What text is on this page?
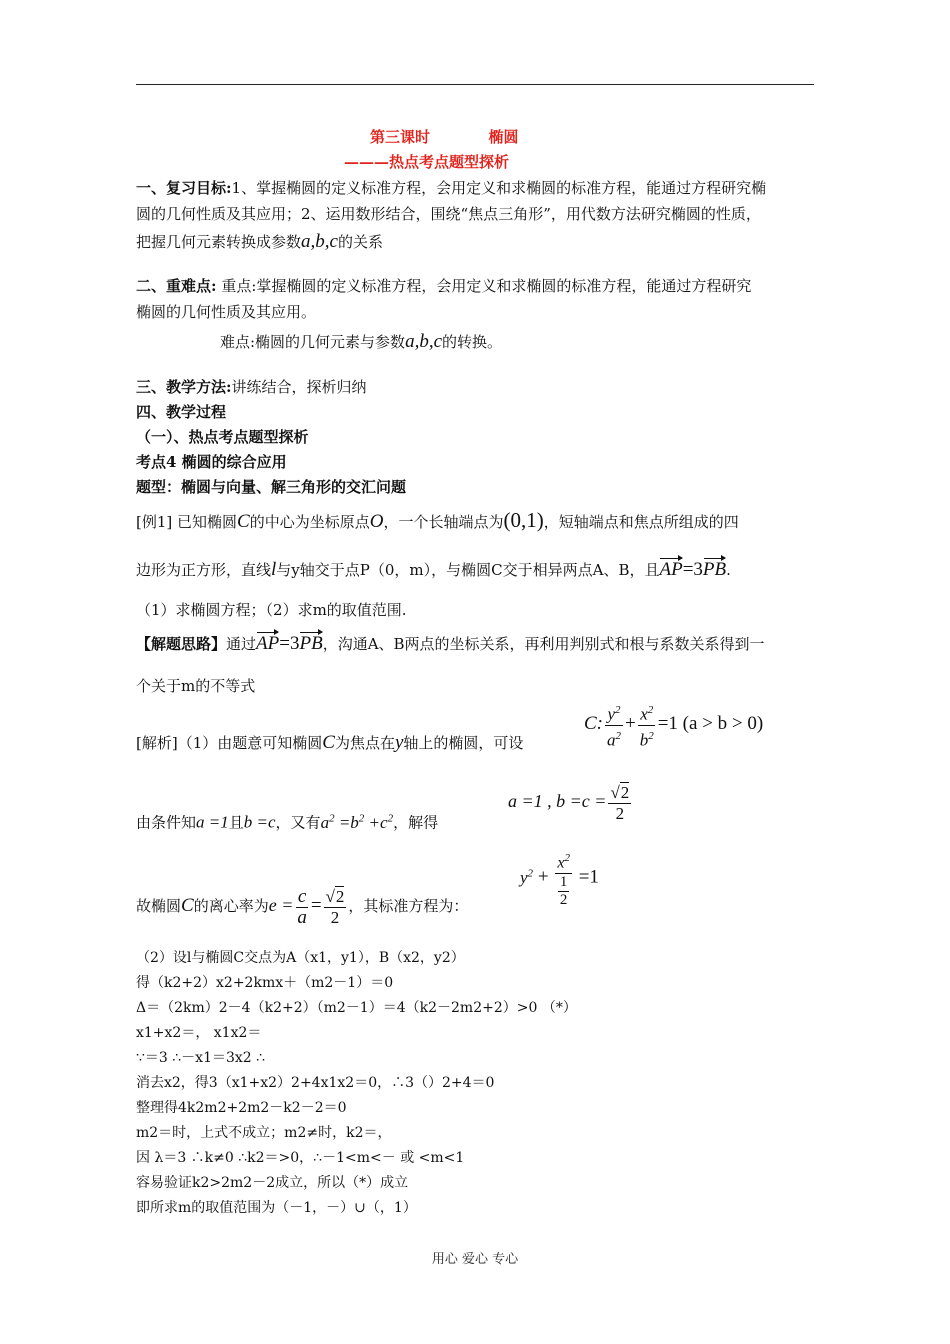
第三课时	椭圆
———热点考点题型探析
一、复习目标:1、掌握椭圆的定义标准方程，会用定义和求椭圆的标准方程，能通过方程研究椭
圆的几何性质及其应用；2、运用数形结合，围绕“焦点三角形”，用代数方法研究椭圆的性质，
把握几何元素转换成参数a,b,c的关系
二、重难点: 重点:掌握椭圆的定义标准方程，会用定义和求椭圆的标准方程，能通过方程研究
椭圆的几何性质及其应用。
难点:椭圆的几何元素与参数a,b,c的转换。
三、教学方法:讲练结合，探析归纳
四、教学过程
（一）、热点考点题型探析
考点4 椭圆的综合应用
题型：椭圆与向量、解三角形的交汇问题
[例1] 已知椭圆C的中心为坐标原点O，一个长轴端点为(0,1)，短轴端点和焦点所组成的四
边形为正方形，直线l与y轴交于点P（0，m），与椭圆C交于相异两点A、B，且AP=3PB.
（1）求椭圆方程；（2）求m的取值范围.
【解题思路】通过AP=3PB，沟通A、B两点的坐标关系，再利用判别式和根与系数关系得到一
个关于m的不等式
C: $\frac{y^2}{a^2} + \frac{x^2}{b^2} =1$ (a > b > 0)
[解析]（1）由题意可知椭圆C为焦点在y轴上的椭圆，可设
a =1 , $b =c = \frac{√2}{2}$
由条件知a =1且b =c，又有$a^2 =b^2 +c^2$，解得
$y^2 + x^2$
1
2 =1
故椭圆C的离心率为$e = \frac{c}{a} = \frac{√2}{2}$ ，其标准方程为：
（2）设l与椭圆C交点为A（x1，y1），B（x2，y2）
得（k2+2）x2+2kmx＋（m2－1）＝0
Δ＝（2km）2－4（k2+2）（m2－1）＝4（k2－2m2+2）>0 （*）
x1+x2＝， x1x2＝
∵＝3 ∴－x1＝3x2 ∴
消去x2，得3（x1+x2）2+4x1x2＝0，∴3（）2+4＝0
整理得4k2m2+2m2－k2－2＝0
m2＝时，上式不成立；m2≠时，k2＝，
因 λ＝3 ∴k≠0 ∴k2＝>0，∴－1<m<－ 或 <m<1
容易验证k2>2m2－2成立，所以（*）成立
即所求m的取值范围为（－1，－）∪（，1）
用心 爱心 专心
